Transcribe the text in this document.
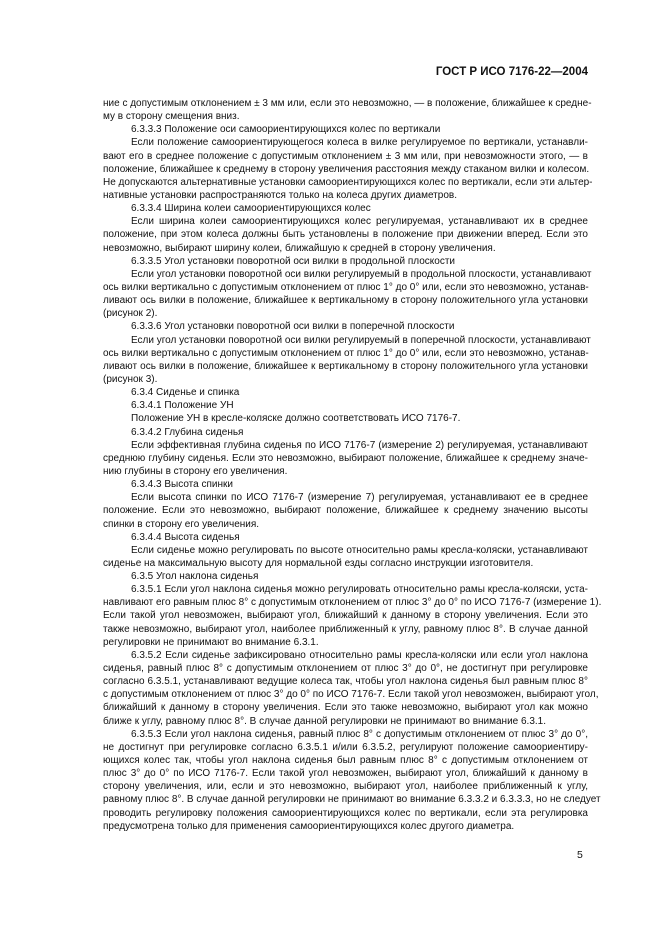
ГОСТ Р ИСО 7176-22—2004
ние с допустимым отклонением ± 3 мм или, если это невозможно, — в положение, ближайшее к средне-
му в сторону смещения вниз.
6.3.3.3 Положение оси самоориентирующихся колес по вертикали
Если положение самоориентирующегося колеса в вилке регулируемое по вертикали, устанавли-
вают его в среднее положение с допустимым отклонением ± 3 мм или, при невозможности этого, — в
положение, ближайшее к среднему в сторону увеличения расстояния между стаканом вилки и колесом.
Не допускаются альтернативные установки самоориентирующихся колес по вертикали, если эти альтер-
нативные установки распространяются только на колеса других диаметров.
6.3.3.4 Ширина колеи самоориентирующихся колес
Если ширина колеи самоориентирующихся колес регулируемая, устанавливают их в среднее
положение, при этом колеса должны быть установлены в положение при движении вперед. Если это
невозможно, выбирают ширину колеи, ближайшую к средней в сторону увеличения.
6.3.3.5 Угол установки поворотной оси вилки в продольной плоскости
Если угол установки поворотной оси вилки регулируемый в продольной плоскости, устанавливают
ось вилки вертикально с допустимым отклонением от плюс 1° до 0° или, если это невозможно, устанав-
ливают ось вилки в положение, ближайшее к вертикальному в сторону положительного угла установки
(рисунок 2).
6.3.3.6 Угол установки поворотной оси вилки в поперечной плоскости
Если угол установки поворотной оси вилки регулируемый в поперечной плоскости, устанавливают
ось вилки вертикально с допустимым отклонением от плюс 1° до 0° или, если это невозможно, устанав-
ливают ось вилки в положение, ближайшее к вертикальному в сторону положительного угла установки
(рисунок 3).
6.3.4 Сиденье и спинка
6.3.4.1 Положение УН
Положение УН в кресле-коляске должно соответствовать ИСО 7176-7.
6.3.4.2 Глубина сиденья
Если эффективная глубина сиденья по ИСО 7176-7 (измерение 2) регулируемая, устанавливают
среднюю глубину сиденья. Если это невозможно, выбирают положение, ближайшее к среднему значе-
нию глубины в сторону его увеличения.
6.3.4.3 Высота спинки
Если высота спинки по ИСО 7176-7 (измерение 7) регулируемая, устанавливают ее в среднее
положение. Если это невозможно, выбирают положение, ближайшее к среднему значению высоты
спинки в сторону его увеличения.
6.3.4.4 Высота сиденья
Если сиденье можно регулировать по высоте относительно рамы кресла-коляски, устанавливают
сиденье на максимальную высоту для нормальной езды согласно инструкции изготовителя.
6.3.5 Угол наклона сиденья
6.3.5.1 Если угол наклона сиденья можно регулировать относительно рамы кресла-коляски, уста-
навливают его равным плюс 8° с допустимым отклонением от плюс 3° до 0° по ИСО 7176-7 (измерение 1).
Если такой угол невозможен, выбирают угол, ближайший к данному в сторону увеличения. Если это
также невозможно, выбирают угол, наиболее приближенный к углу, равному плюс 8°. В случае данной
регулировки не принимают во внимание 6.3.1.
6.3.5.2 Если сиденье зафиксировано относительно рамы кресла-коляски или если угол наклона
сиденья, равный плюс 8° с допустимым отклонением от плюс 3° до 0°, не достигнут при регулировке
согласно 6.3.5.1, устанавливают ведущие колеса так, чтобы угол наклона сиденья был равным плюс 8°
с допустимым отклонением от плюс 3° до 0° по ИСО 7176-7. Если такой угол невозможен, выбирают угол,
ближайший к данному в сторону увеличения. Если это также невозможно, выбирают угол как можно
ближе к углу, равному плюс 8°. В случае данной регулировки не принимают во внимание 6.3.1.
6.3.5.3 Если угол наклона сиденья, равный плюс 8° с допустимым отклонением от плюс 3° до 0°,
не достигнут при регулировке согласно 6.3.5.1 и/или 6.3.5.2, регулируют положение самоориентиру-
ющихся колес так, чтобы угол наклона сиденья был равным плюс 8° с допустимым отклонением от
плюс 3° до 0° по ИСО 7176-7. Если такой угол невозможен, выбирают угол, ближайший к данному в
сторону увеличения, или, если и это невозможно, выбирают угол, наиболее приближенный к углу,
равному плюс 8°. В случае данной регулировки не принимают во внимание 6.3.3.2 и 6.3.3.3, но не следует
проводить регулировку положения самоориентирующихся колес по вертикали, если эта регулировка
предусмотрена только для применения самоориентирующихся колес другого диаметра.
5
